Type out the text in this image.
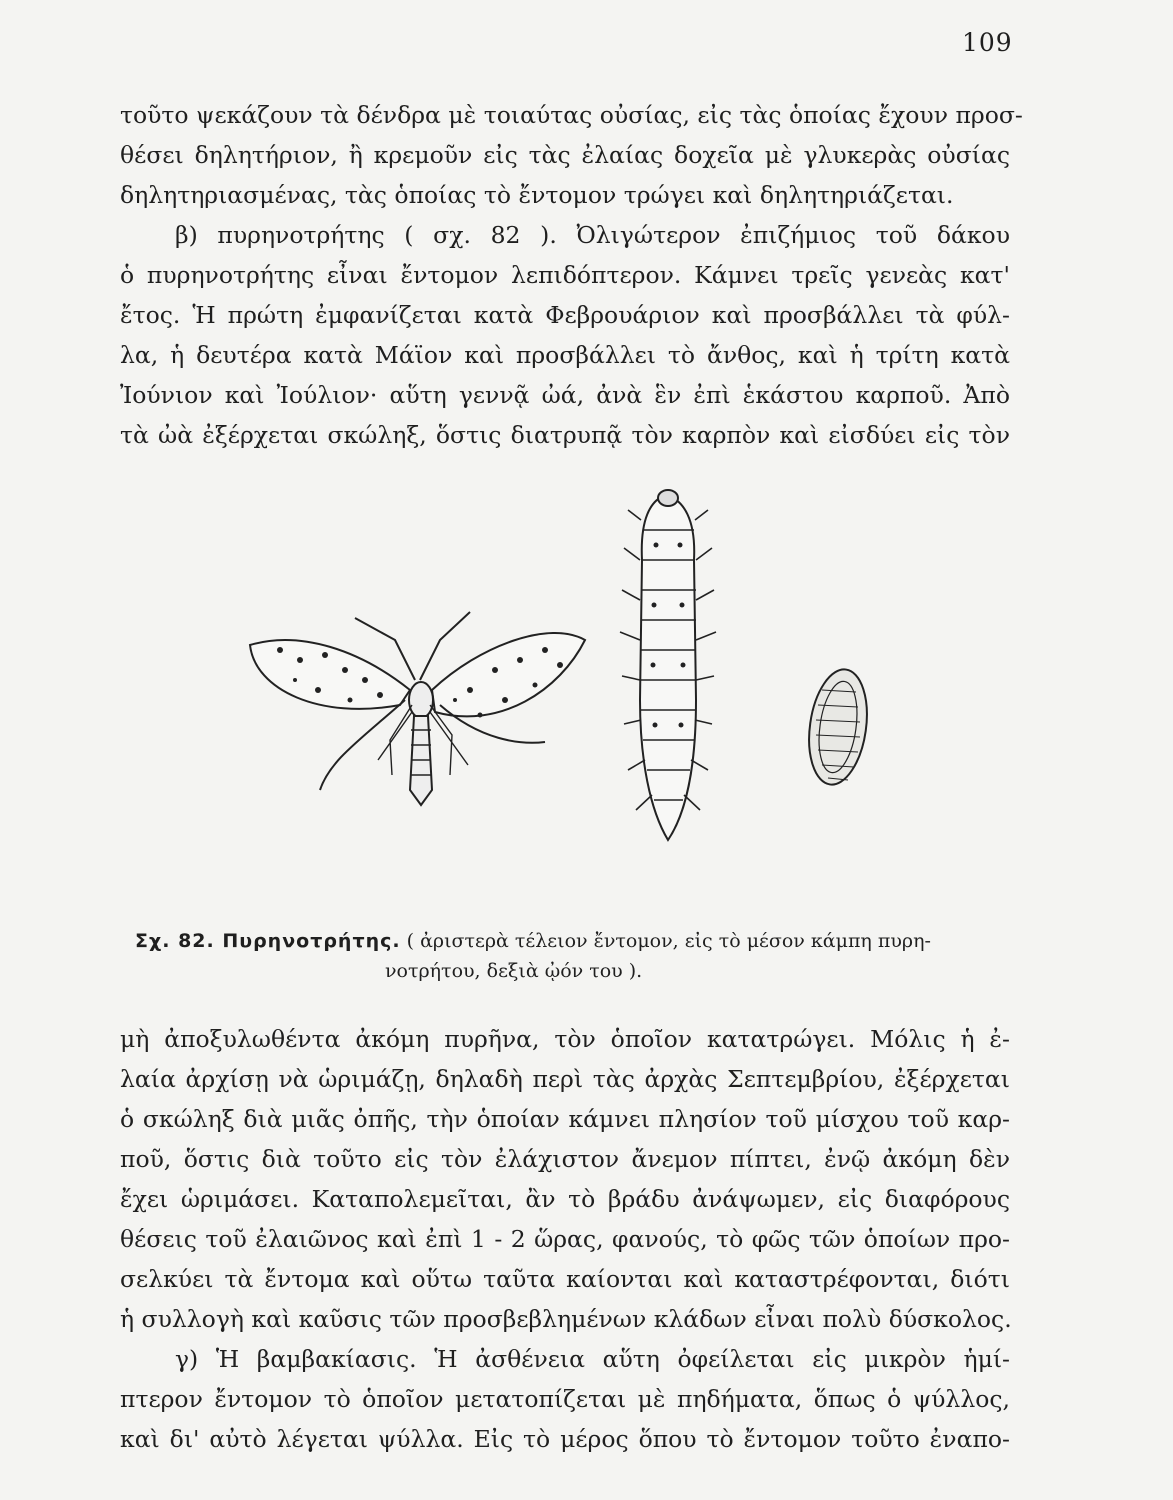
109
τοῦτο ψεκάζουν τὰ δένδρα μὲ τοιαύτας οὐσίας, εἰς τὰς ὁποίας ἔχουν προσ-
θέσει δηλητήριον, ἢ κρεμοῦν εἰς τὰς ἐλαίας δοχεῖα μὲ γλυκερὰς οὐσίας
δηλητηριασμένας, τὰς ὁποίας τὸ ἔντομον τρώγει καὶ δηλητηριάζεται.
β) πυρηνοτρήτης ( σχ. 82 ). Ὀλιγώτερον ἐπιζήμιος τοῦ δάκου
ὁ πυρηνοτρήτης εἶναι ἔντομον λεπιδόπτερον. Κάμνει τρεῖς γενεὰς κατ'
ἔτος. Ἡ πρώτη ἐμφανίζεται κατὰ Φεβρουάριον καὶ προσβάλλει τὰ φύλ-
λα, ἡ δευτέρα κατὰ Μάϊον καὶ προσβάλλει τὸ ἄνθος, καὶ ἡ τρίτη κατὰ
Ἰούνιον καὶ Ἰούλιον· αὕτη γεννᾷ ὠά, ἀνὰ ἓν ἐπὶ ἑκάστου καρποῦ. Ἀπὸ
τὰ ὠὰ ἐξέρχεται σκώληξ, ὅστις διατρυπᾷ τὸν καρπὸν καὶ εἰσδύει εἰς τὸν
Σχ. 82. Πυρηνοτρήτης. ( ἀριστερὰ τέλειον ἔντομον, εἰς τὸ μέσον κάμπη πυρη-
νοτρήτου, δεξιὰ ᾠόν του ).
μὴ ἀποξυλωθέντα ἀκόμη πυρῆνα, τὸν ὁποῖον κατατρώγει. Μόλις ἡ ἐ-
λαία ἀρχίσῃ νὰ ὡριμάζῃ, δηλαδὴ περὶ τὰς ἀρχὰς Σεπτεμβρίου, ἐξέρχεται
ὁ σκώληξ διὰ μιᾶς ὀπῆς, τὴν ὁποίαν κάμνει πλησίον τοῦ μίσχου τοῦ καρ-
ποῦ, ὅστις διὰ τοῦτο εἰς τὸν ἐλάχιστον ἄνεμον πίπτει, ἐνῷ ἀκόμη δὲν
ἔχει ὡριμάσει. Καταπολεμεῖται, ἂν τὸ βράδυ ἀνάψωμεν, εἰς διαφόρους
θέσεις τοῦ ἐλαιῶνος καὶ ἐπὶ 1 - 2 ὥρας, φανούς, τὸ φῶς τῶν ὁποίων προ-
σελκύει τὰ ἔντομα καὶ οὕτω ταῦτα καίονται καὶ καταστρέφονται, διότι
ἡ συλλογὴ καὶ καῦσις τῶν προσβεβλημένων κλάδων εἶναι πολὺ δύσκολος.
γ) Ἡ βαμβακίασις. Ἡ ἀσθένεια αὕτη ὀφείλεται εἰς μικρὸν ἡμί-
πτερον ἔντομον τὸ ὁποῖον μετατοπίζεται μὲ πηδήματα, ὅπως ὁ ψύλλος,
καὶ δι' αὐτὸ λέγεται ψύλλα. Εἰς τὸ μέρος ὅπου τὸ ἔντομον τοῦτο ἐναπο-
